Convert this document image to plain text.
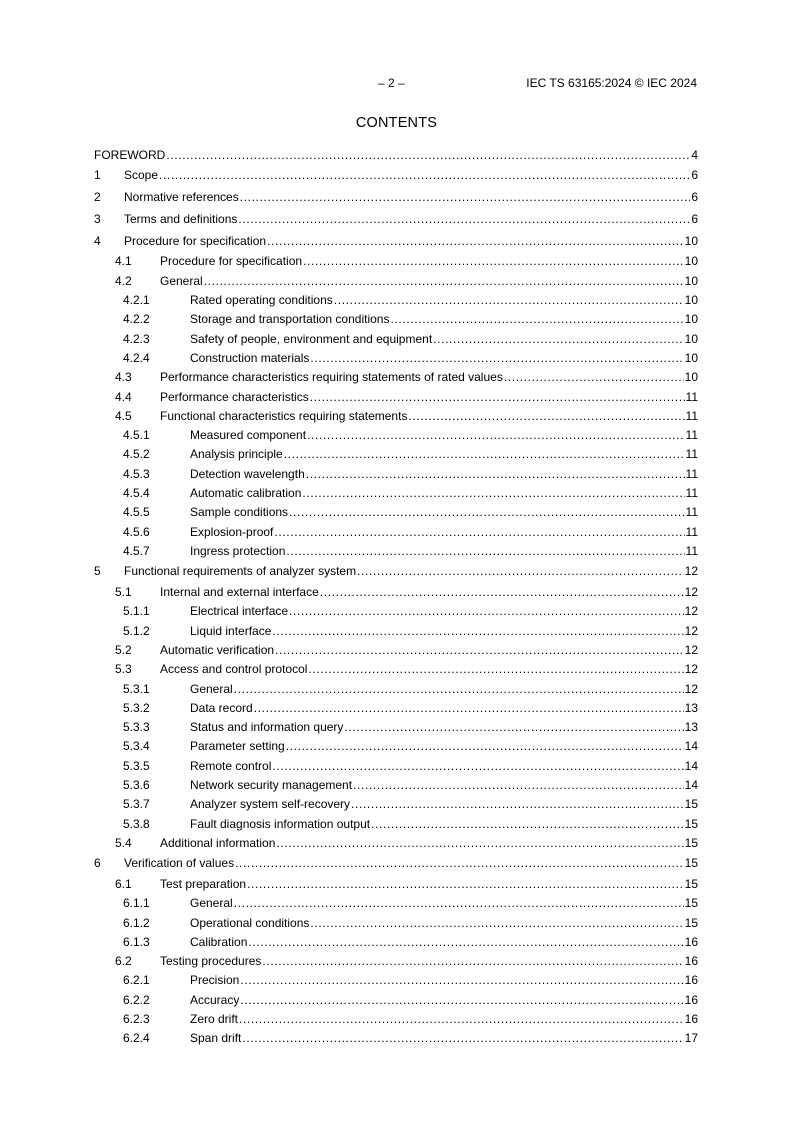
– 2 –	IEC TS 63165:2024 © IEC 2024
CONTENTS
FOREWORD . . .	4
1 Scope . . .	6
2 Normative references . . .	6
3 Terms and definitions . . .	6
4 Procedure for specification . . .	10
4.1 Procedure for specification . . .	10
4.2 General . . .	10
4.2.1	Rated operating conditions . . .	10
4.2.2	Storage and transportation conditions . . .	10
4.2.3	Safety of people, environment and equipment . . .	10
4.2.4	Construction materials . . .	10
4.3 Performance characteristics requiring statements of rated values . . .	10
4.4 Performance characteristics . . .	11
4.5 Functional characteristics requiring statements . . .	11
4.5.1	Measured component . . .	11
4.5.2	Analysis principle . . .	11
4.5.3	Detection wavelength . . .	11
4.5.4	Automatic calibration . . .	11
4.5.5	Sample conditions . . .	11
4.5.6	Explosion-proof . . .	11
4.5.7	Ingress protection . . .	11
5 Functional requirements of analyzer system . . .	12
5.1 Internal and external interface . . .	12
5.1.1	Electrical interface . . .	12
5.1.2	Liquid interface . . .	12
5.2 Automatic verification . . .	12
5.3 Access and control protocol . . .	12
5.3.1	General . . .	12
5.3.2	Data record . . .	13
5.3.3	Status and information query . . .	13
5.3.4	Parameter setting . . .	14
5.3.5	Remote control . . .	14
5.3.6	Network security management . . .	14
5.3.7	Analyzer system self-recovery . . .	15
5.3.8	Fault diagnosis information output . . .	15
5.4 Additional information . . .	15
6 Verification of values . . .	15
6.1 Test preparation . . .	15
6.1.1	General . . .	15
6.1.2	Operational conditions . . .	15
6.1.3	Calibration . . .	16
6.2 Testing procedures . . .	16
6.2.1	Precision . . .	16
6.2.2	Accuracy . . .	16
6.2.3	Zero drift . . .	16
6.2.4	Span drift . . .	17
